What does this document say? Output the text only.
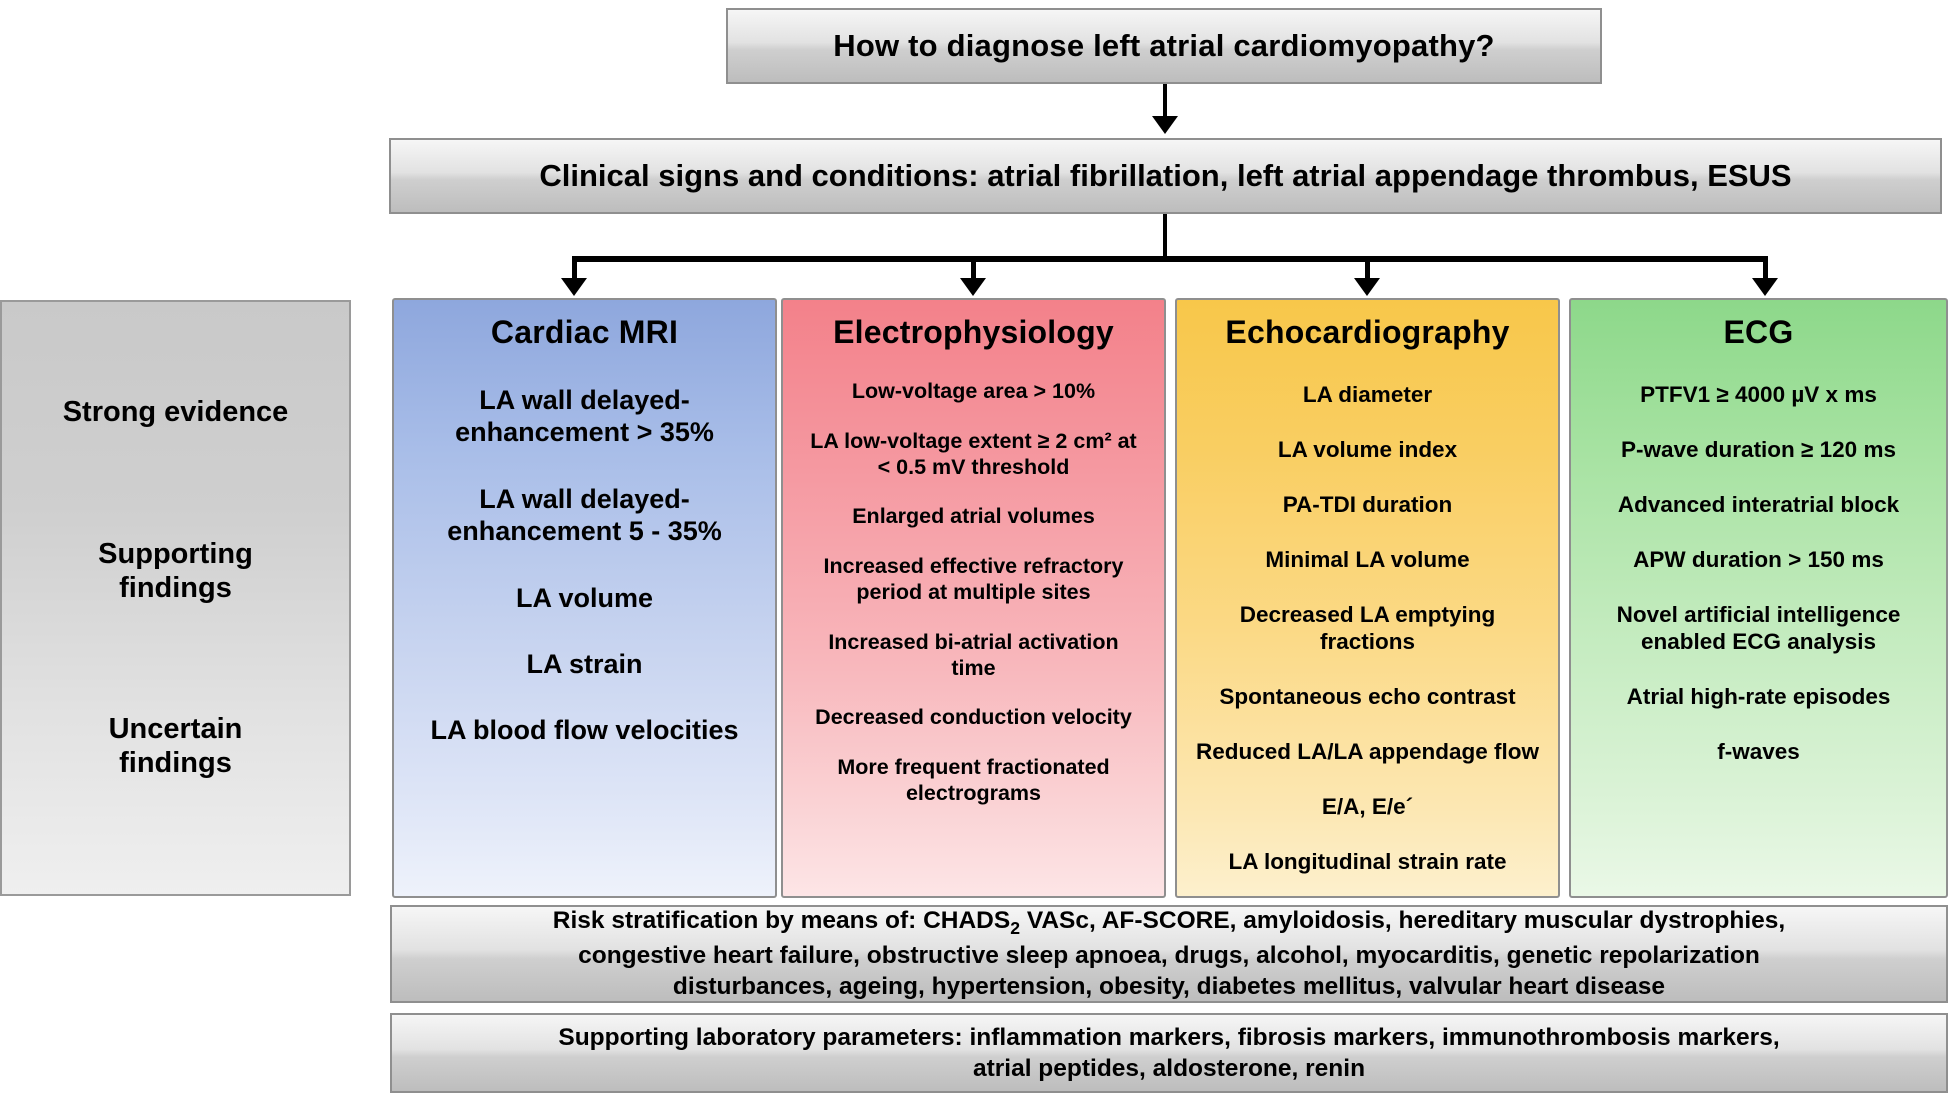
How to diagnose left atrial cardiomyopathy?
Clinical signs and conditions: atrial fibrillation, left atrial appendage thrombus, ESUS
Strong evidence
Supporting
findings
Uncertain
findings
Cardiac MRI
LA wall delayed-
enhancement > 35%
LA wall delayed-
enhancement 5 - 35%
LA volume
LA strain
LA blood flow velocities
Electrophysiology
Low-voltage area > 10%
LA low-voltage extent ≥ 2 cm² at
< 0.5 mV threshold
Enlarged atrial volumes
Increased effective refractory
period at multiple sites
Increased bi-atrial activation
time
Decreased conduction velocity
More frequent fractionated
electrograms
Echocardiography
LA diameter
LA volume index
PA-TDI duration
Minimal LA volume
Decreased LA emptying
fractions
Spontaneous echo contrast
Reduced LA/LA appendage flow
E/A, E/e´
LA longitudinal strain rate
ECG
PTFV1 ≥ 4000 µV x ms
P-wave duration ≥ 120 ms
Advanced interatrial block
APW duration > 150 ms
Novel artificial intelligence
enabled ECG analysis
Atrial high-rate episodes
f-waves
Risk stratification by means of: $CHADS_2$ VASc, AF-SCORE, amyloidosis, hereditary muscular dystrophies,
congestive heart failure, obstructive sleep apnoea, drugs, alcohol, myocarditis, genetic repolarization
disturbances, ageing, hypertension, obesity, diabetes mellitus, valvular heart disease
Supporting laboratory parameters: inflammation markers, fibrosis markers, immunothrombosis markers,
atrial peptides, aldosterone, renin
